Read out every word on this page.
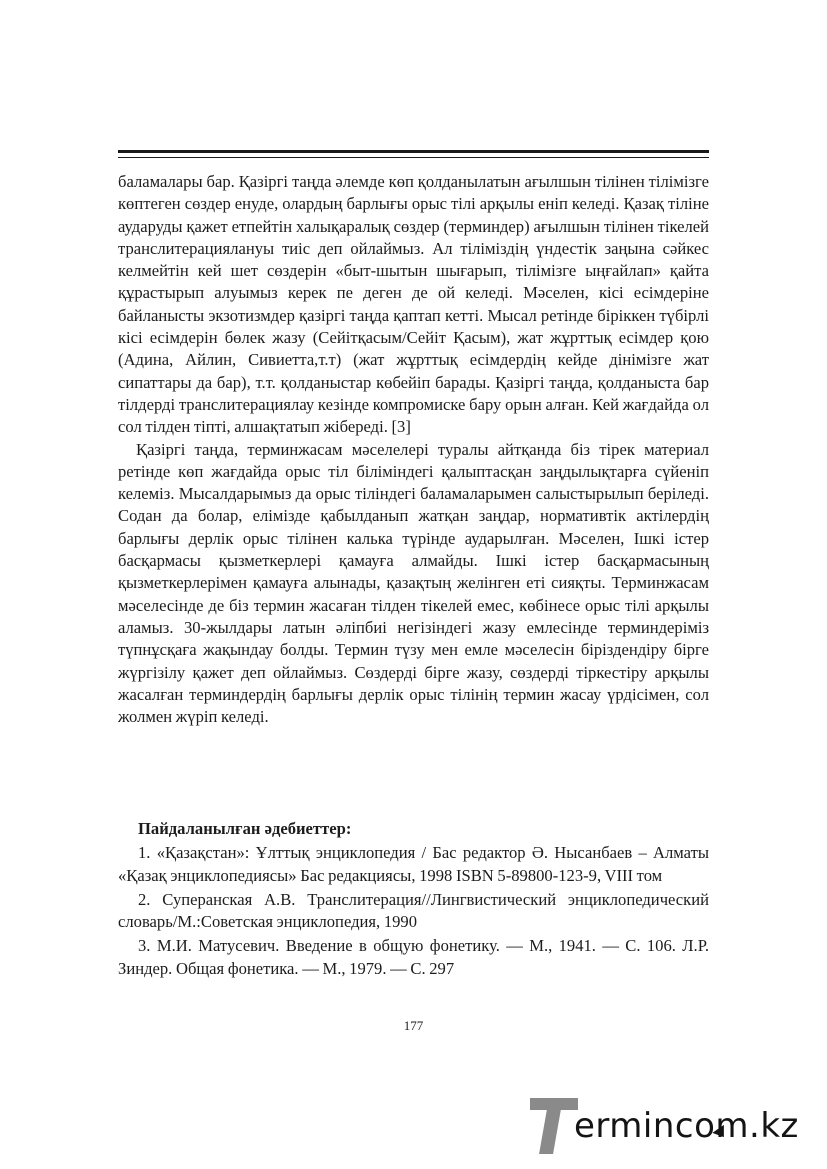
баламалары бар. Қазіргі таңда әлемде көп қолданылатын ағылшын тілінен тілімізге көптеген сөздер енуде, олардың барлығы орыс тілі арқылы еніп келеді. Қазақ тіліне аударуды қажет етпейтін халықаралық сөздер (терминдер) ағылшын тілінен тікелей транслитерациялануы тиіс деп ойлаймыз. Ал тіліміздің үндестік заңына сәйкес келмейтін кей шет сөздерін «быт-шытын шығарып, тілімізге ыңғайлап» қайта құрастырып алуымыз керек пе деген де ой келеді. Мәселен, кісі есімдеріне байланысты экзотизмдер қазіргі таңда қаптап кетті. Мысал ретінде біріккен түбірлі кісі есімдерін бөлек жазу (Сейітқасым/Сейіт Қасым), жат жұрттық есімдер қою (Адина, Айлин, Сивиетта,т.т) (жат жұрттық есімдердің кейде дінімізге жат сипаттары да бар), т.т. қолданыстар көбейіп барады. Қазіргі таңда, қолданыста бар тілдерді транслитерациялау кезінде компромиске бару орын алған. Кей жағдайда ол сол тілден тіпті, алшақтатып жібереді. [3]

Қазіргі таңда, терминжасам мәселелері туралы айтқанда біз тірек материал ретінде көп жағдайда орыс тіл біліміндегі қалыптасқан заңдылықтарға сүйеніп келеміз. Мысалдарымыз да орыс тіліндегі баламаларымен салыстырылып беріледі. Содан да болар, елімізде қабылданып жатқан заңдар, нормативтік актілердің барлығы дерлік орыс тілінен калька түрінде аударылған. Мәселен, Ішкі істер басқармасы қызметкерлері қамауға алмайды. Ішкі істер басқармасының қызметкерлерімен қамауға алынады, қазақтың желінген еті сияқты. Терминжасам мәселесінде де біз термин жасаған тілден тікелей емес, көбінесе орыс тілі арқылы аламыз. 30-жылдары латын әліпбиі негізіндегі жазу емлесінде терминдеріміз түпнұсқаға жақындау болды. Термин түзу мен емле мәселесін біріздендіру бірге жүргізілу қажет деп ойлаймыз. Сөздерді бірге жазу, сөздерді тіркестіру арқылы жасалған терминдердің барлығы дерлік орыс тілінің термин жасау үрдісімен, сол жолмен жүріп келеді.

Пайдаланылған әдебиеттер:

1. «Қазақстан»: Ұлттық энциклопедия / Бас редактор Ә. Нысанбаев – Алматы «Қазақ энциклопедиясы» Бас редакциясы, 1998 ISBN 5-89800-123-9, VIII том

2. Суперанская А.В. Транслитерация//Лингвистический энциклопедический словарь/М.:Советская энциклопедия, 1990

3. М.И. Матусевич. Введение в общую фонетику. — М., 1941. — С. 106. Л.Р. Зиндер. Общая фонетика. — М., 1979. — С. 297

177
ermіnco
m.kz
